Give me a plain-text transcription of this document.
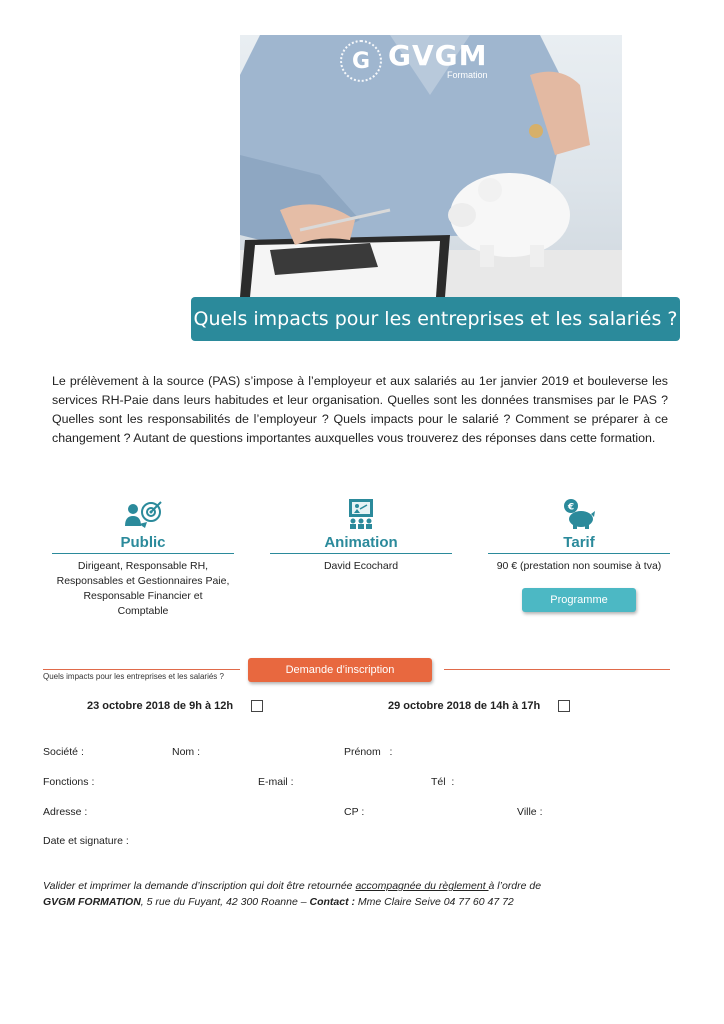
G GVGM
Formation
Quels impacts pour les entreprises et les salariés ?

Le prélèvement à la source (PAS) s’impose à l’employeur et aux salariés au 1er janvier 2019 et bouleverse les services RH-Paie dans leurs habitudes et leur organisation. Quelles sont les données transmises par le PAS ? Quelles sont les responsabilités de l’employeur ? Quels impacts pour le salarié ? Comment se préparer à ce changement ? Autant de questions importantes auxquelles vous trouverez des réponses dans cette formation.

Public
Dirigeant, Responsable RH,
Responsables et Gestionnaires Paie,
Responsable Financier et
Comptable
Animation
David Ecochard
€
Tarif
90 € (prestation non soumise à tva)
Programme
Quels impacts pour les entreprises et les salariés ?
Demande d’inscription
23 octobre 2018 de 9h à 12h	29 octobre 2018 de 14h à 17h
Société :	Nom :	Prénom   :
Fonctions :	E-mail :	Tél  :
Adresse :	CP :	Ville :
Date et signature :

Valider et imprimer la demande d’inscription qui doit être retournée accompagnée du règlement à l’ordre de
GVGM FORMATION, 5 rue du Fuyant, 42 300 Roanne – Contact : Mme Claire Seive 04 77 60 47 72
